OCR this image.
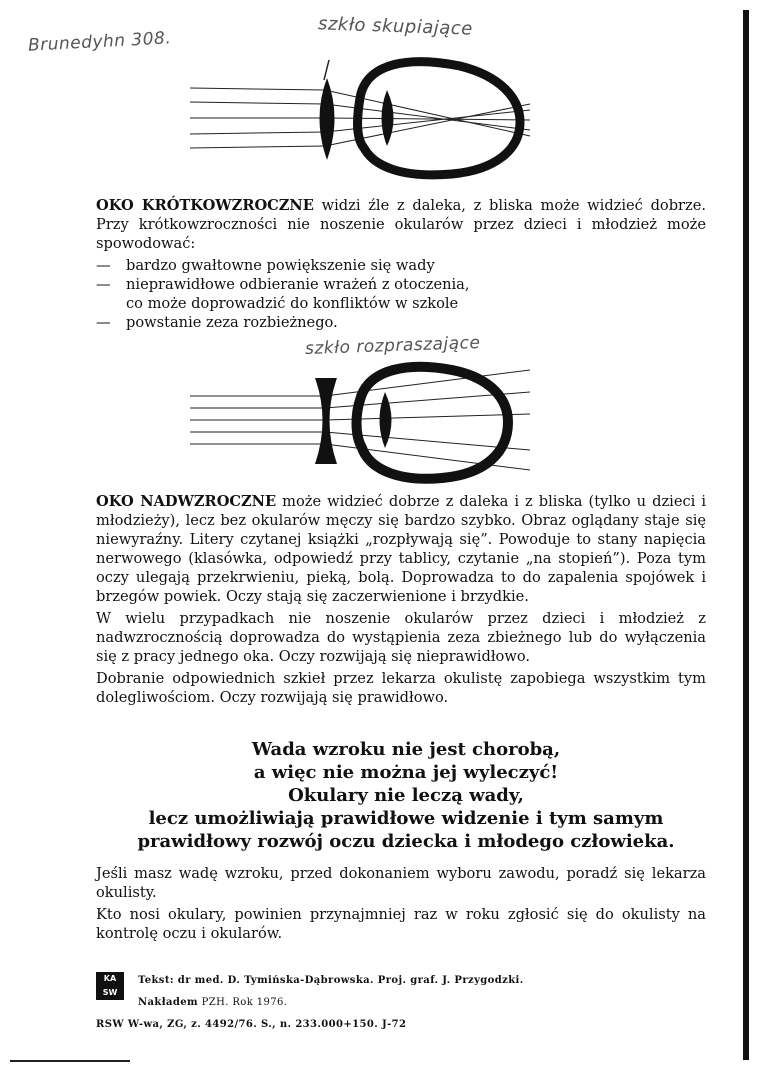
Brunedyhn 308.
szkło skupiające

OKO KRÓTKOWZROCZNE widzi źle z daleka, z bliska może widzieć dobrze. Przy krótkowzroczności nie noszenie okularów przez dzieci i młodzież może spowodować:

— bardzo gwałtowne powiększenie się wady
— nieprawidłowe odbieranie wrażeń z otoczenia,
co może doprowadzić do konfliktów w szkole
— powstanie zeza rozbieżnego.
szkło rozpraszające

OKO NADWZROCZNE może widzieć dobrze z daleka i z bliska (tylko u dzieci i młodzieży), lecz bez okularów męczy się bardzo szybko. Obraz oglądany staje się niewyraźny. Litery czytanej książki „rozpływają się”. Powoduje to stany napięcia nerwowego (klasówka, odpowiedź przy tablicy, czytanie „na stopień”). Poza tym oczy ulegają przekrwieniu, pieką, bolą. Doprowadza to do zapalenia spojówek i brzegów powiek. Oczy stają się zaczerwienione i brzydkie.

W wielu przypadkach nie noszenie okularów przez dzieci i młodzież z nadwzrocznością doprowadza do wystąpienia zeza zbieżnego lub do wyłączenia się z pracy jednego oka. Oczy rozwijają się nieprawidłowo.

Dobranie odpowiednich szkieł przez lekarza okulistę zapobiega wszystkim tym dolegliwościom. Oczy rozwijają się prawidłowo.

Wada wzroku nie jest chorobą,
a więc nie można jej wyleczyć!
Okulary nie leczą wady,
lecz umożliwiają prawidłowe widzenie i tym samym
prawidłowy rozwój oczu dziecka i młodego człowieka.

Jeśli masz wadę wzroku, przed dokonaniem wyboru zawodu, poradź się lekarza okulisty.

Kto nosi okulary, powinien przynajmniej raz w roku zgłosić się do okulisty na kontrolę oczu i okularów.

KA
SW
Tekst: dr med. D. Tymińska-Dąbrowska. Proj. graf. J. Przygodzki.
Nakładem PZH. Rok 1976.
RSW W-wa, ZG, z. 4492/76. S., n. 233.000+150. J-72
